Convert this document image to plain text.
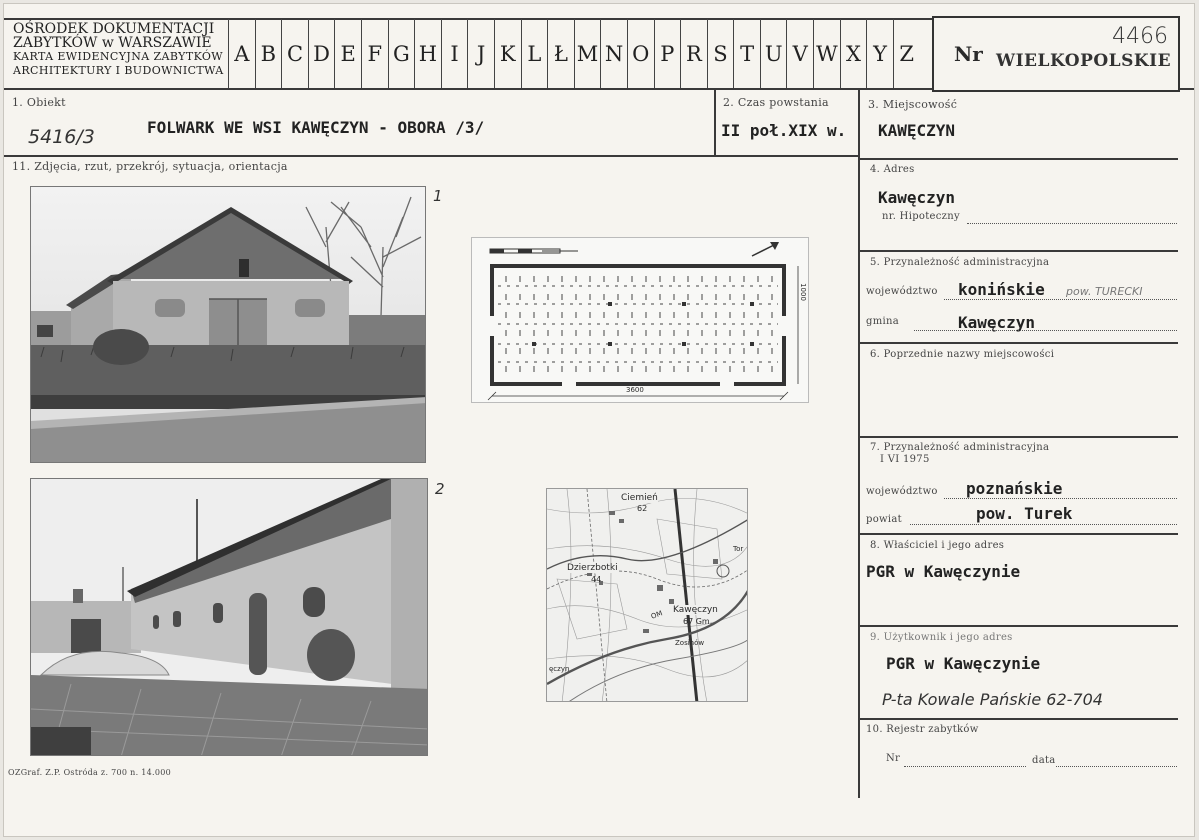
OŚRODEK DOKUMENTACJI
ZABYTKÓW w WARSZAWIE
KARTA EWIDENCYJNA ZABYTKÓW
ARCHITEKTURY I BUDOWNICTWA
A B C D E F G H I J K L Ł M N O P R S T U V W X Y Z Nr WIELKOPOLSKIE
4466
1. Obiekt
5416/3	FOLWARK WE WSI KAWĘCZYN - OBORA /3/
2. Czas powstania
II poł.XIX w.
3. Miejscowość
KAWĘCZYN
11. Zdjęcia, rzut, przekrój, sytuacja, orientacja	4. Adres
Kawęczyn
nr. Hipoteczny
5. Przynależność administracyjna
województwo konińskie pow. TURECKI
gmina	Kawęczyn
6. Poprzednie nazwy miejscowości
7. Przynależność administracyjna
I VI 1975
województwo poznańskie
powiat	pow. Turek
8. Właściciel i jego adres
PGR w Kawęczynie
9. Użytkownik i jego adres
PGR w Kawęczynie
P-ta Kowale Pańskie 62-704
10. Rejestr zabytków
Nr	data
1
2
3600
1000
Ciemień
62
Dzierzbotki
44
Kawęczyn
67 Gm.
Zosinów
Tor
ęczyn
OM
OZGraf. Z.P. Ostróda z. 700 n. 14.000
